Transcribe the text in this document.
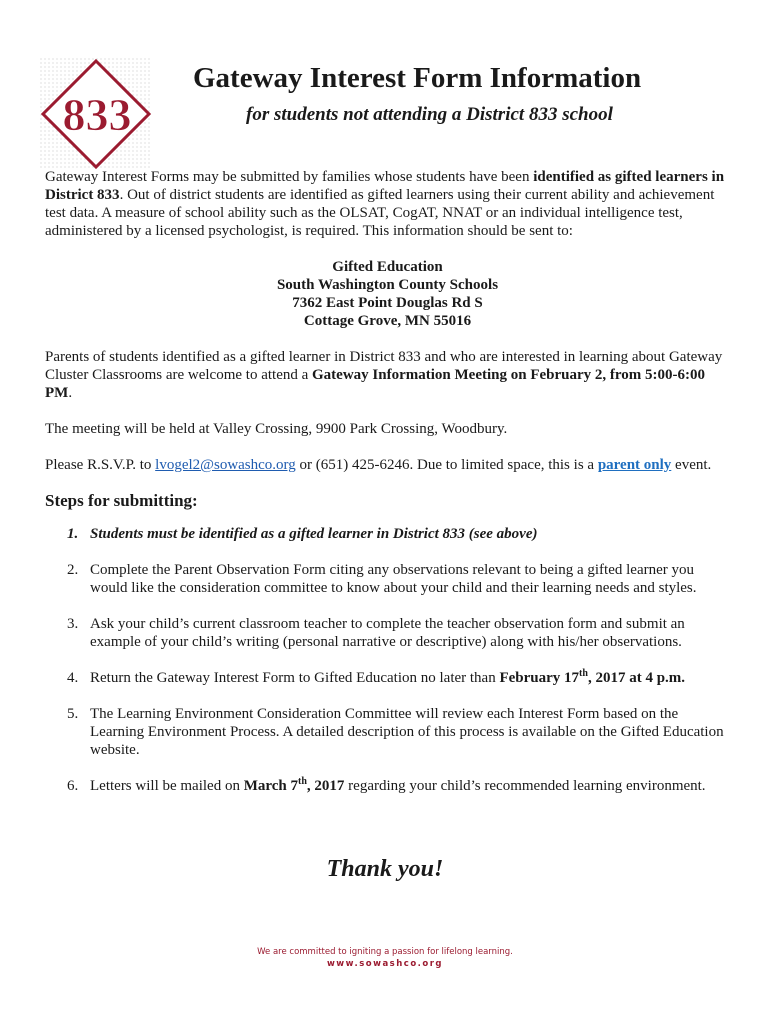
833
Gateway Interest Form Information

for students not attending a District 833 school

Gateway Interest Forms may be submitted by families whose students have been identified as gifted learners in District 833. Out of district students are identified as gifted learners using their current ability and achievement test data. A measure of school ability such as the OLSAT, CogAT, NNAT or an individual intelligence test, administered by a licensed psychologist, is required. This information should be sent to:

Gifted Education
South Washington County Schools
7362 East Point Douglas Rd S
Cottage Grove, MN 55016

Parents of students identified as a gifted learner in District 833 and who are interested in learning about Gateway Cluster Classrooms are welcome to attend a Gateway Information Meeting on February 2, from 5:00-6:00 PM.

The meeting will be held at Valley Crossing, 9900 Park Crossing, Woodbury.

Please R.S.V.P. to lvogel2@sowashco.org or (651) 425-6246. Due to limited space, this is a parent only event.

Steps for submitting:

1. Students must be identified as a gifted learner in District 833 (see above)
2. Complete the Parent Observation Form citing any observations relevant to being a gifted learner you would like the consideration committee to know about your child and their learning needs and styles.
3. Ask your child’s current classroom teacher to complete the teacher observation form and submit an example of your child’s writing (personal narrative or descriptive) along with his/her observations.
4. Return the Gateway Interest Form to Gifted Education no later than February 17th, 2017 at 4 p.m.
5. The Learning Environment Consideration Committee will review each Interest Form based on the Learning Environment Process. A detailed description of this process is available on the Gifted Education website.
6. Letters will be mailed on March 7th, 2017 regarding your child’s recommended learning environment.

Thank you!

We are committed to igniting a passion for lifelong learning.
www.sowashco.org
